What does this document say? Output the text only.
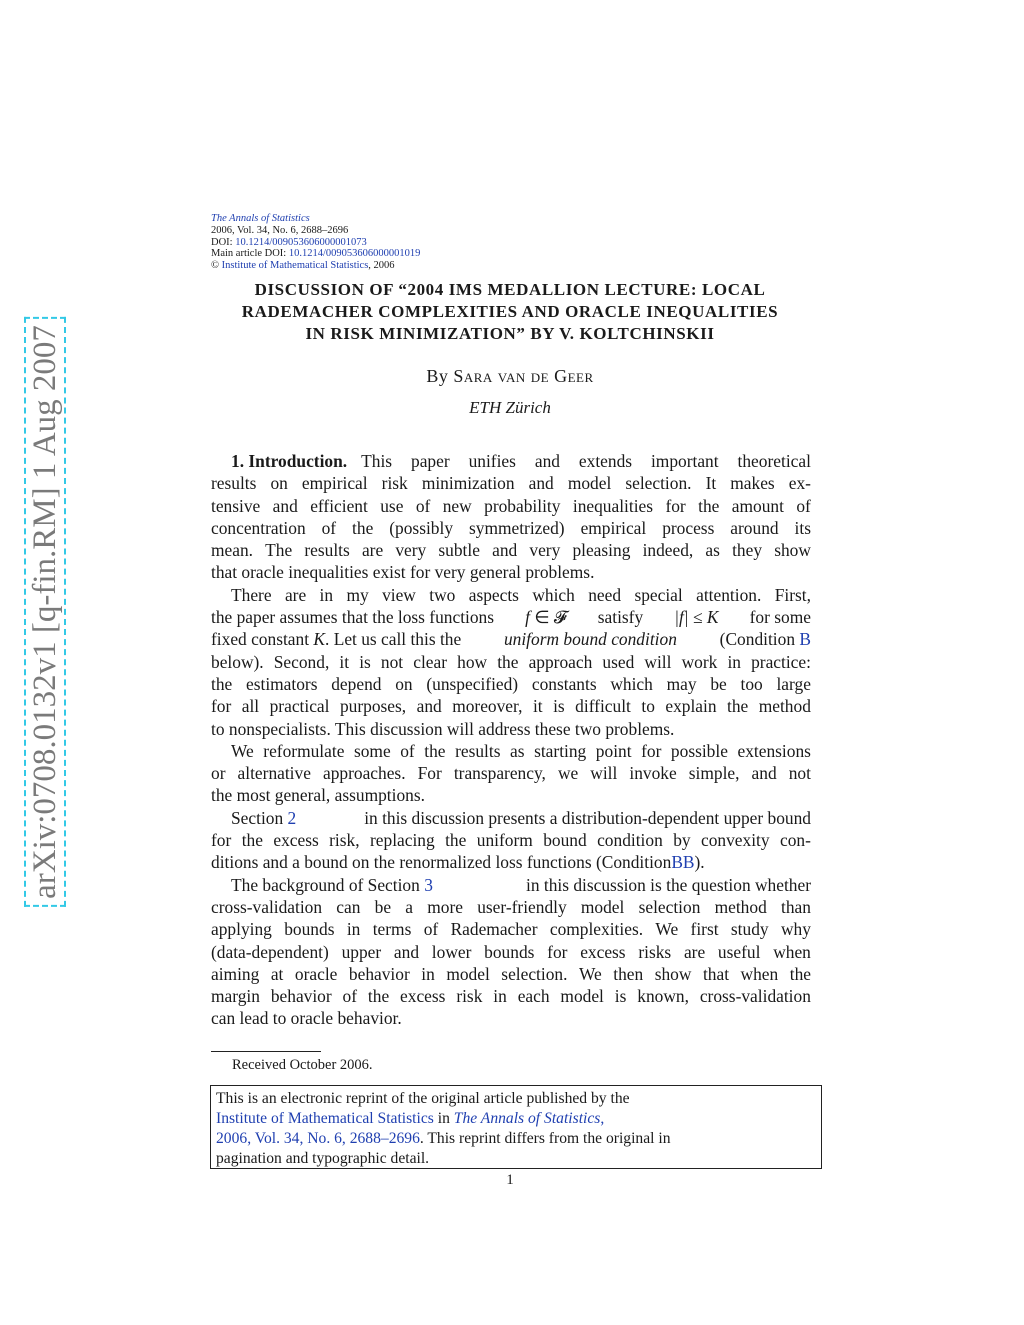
arXiv:0708.0132v1 [q-fin.RM] 1 Aug 2007
The Annals of Statistics
2006, Vol. 34, No. 6, 2688–2696
DOI: 10.1214/009053606000001073
Main article DOI: 10.1214/009053606000001019
© Institute of Mathematical Statistics, 2006
DISCUSSION OF “2004 IMS MEDALLION LECTURE: LOCAL
RADEMACHER COMPLEXITIES AND ORACLE INEQUALITIES
IN RISK MINIMIZATION” BY V. KOLTCHINSKII
By Sara van de Geer
ETH Zürich
1. Introduction. This paper unifies and extends important theoretical
results on empirical risk minimization and model selection. It makes ex-
tensive and efficient use of new probability inequalities for the amount of
concentration of the (possibly symmetrized) empirical process around its
mean. The results are very subtle and very pleasing indeed, as they show
that oracle inequalities exist for very general problems.
There are in my view two aspects which need special attention. First,
the paper assumes that the loss functions f ∈ 𝓕 satisfy |f| ≤ K for some
fixed constant K. Let us call this the uniform bound condition (Condition B
below). Second, it is not clear how the approach used will work in practice:
the estimators depend on (unspecified) constants which may be too large
for all practical purposes, and moreover, it is difficult to explain the method
to nonspecialists. This discussion will address these two problems.
We reformulate some of the results as starting point for possible extensions
or alternative approaches. For transparency, we will invoke simple, and not
the most general, assumptions.
Section 2	in this discussion presents a distribution-dependent upper bound
for the excess risk, replacing the uniform bound condition by convexity con-
ditions and a bound on the renormalized loss functions (Condition BB ).
The background of Section 3	in this discussion is the question whether
cross-validation can be a more user-friendly model selection method than
applying bounds in terms of Rademacher complexities. We first study why
(data-dependent) upper and lower bounds for excess risks are useful when
aiming at oracle behavior in model selection. We then show that when the
margin behavior of the excess risk in each model is known, cross-validation
can lead to oracle behavior.
Received October 2006.
This is an electronic reprint of the original article published by the
Institute of Mathematical Statistics in The Annals of Statistics,
2006, Vol. 34, No. 6, 2688–2696. This reprint differs from the original in
pagination and typographic detail.
1
